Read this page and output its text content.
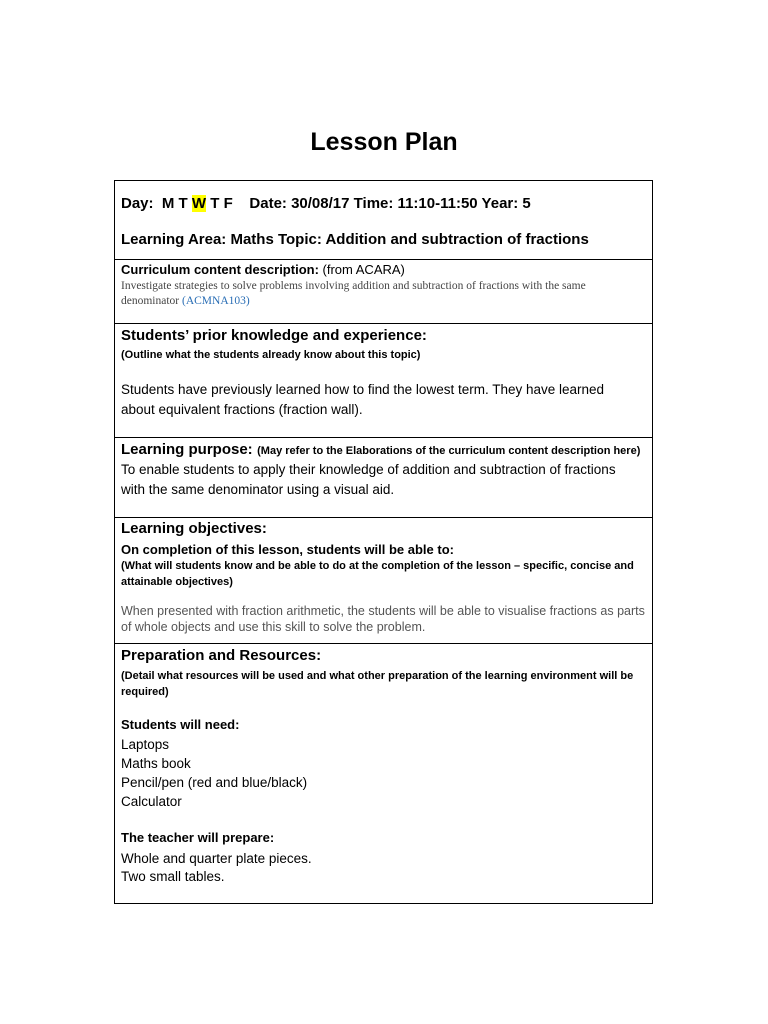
Lesson Plan
Day: M T W T F Date: 30/08/17 Time: 11:10-11:50 Year: 5
Learning Area: Maths Topic: Addition and subtraction of fractions
Curriculum content description: (from ACARA)
Investigate strategies to solve problems involving addition and subtraction of fractions with the same
denominator (ACMNA103)
Students’ prior knowledge and experience:
(Outline what the students already know about this topic)
Students have previously learned how to find the lowest term. They have learned
about equivalent fractions (fraction wall).
Learning purpose: (May refer to the Elaborations of the curriculum content description here)
To enable students to apply their knowledge of addition and subtraction of fractions
with the same denominator using a visual aid.
Learning objectives:
On completion of this lesson, students will be able to:
(What will students know and be able to do at the completion of the lesson – specific, concise and
attainable objectives)
When presented with fraction arithmetic, the students will be able to visualise fractions as parts
of whole objects and use this skill to solve the problem.
Preparation and Resources:
(Detail what resources will be used and what other preparation of the learning environment will be
required)
Students will need:
Laptops
Maths book
Pencil/pen (red and blue/black)
Calculator
The teacher will prepare:
Whole and quarter plate pieces.
Two small tables.
